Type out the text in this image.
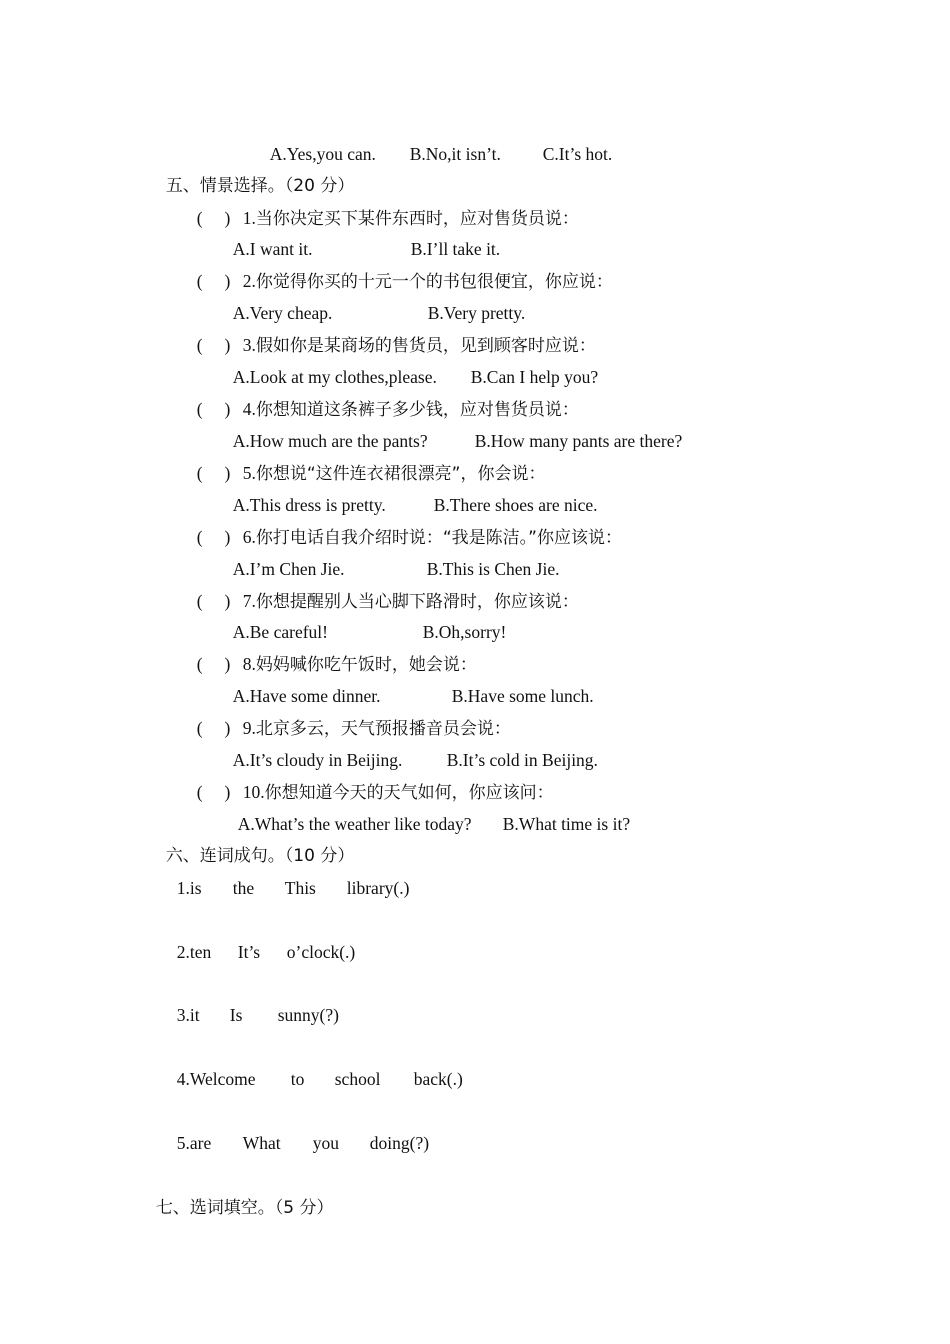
A.Yes,you can. B.No,it isn’t. C.It’s hot.

五、情景选择。（20 分）

(     ) 1.当你决定买下某件东西时，应对售货员说：

A.I want it.	B.I’ll take it.

(     ) 2.你觉得你买的十元一个的书包很便宜，你应说：

A.Very cheap.	B.Very pretty.

(     ) 3.假如你是某商场的售货员，见到顾客时应说：

A.Look at my clothes,please. B.Can I help you?

(     ) 4.你想知道这条裤子多少钱，应对售货员说：

A.How much are the pants?	B.How many pants are there?

(     ) 5.你想说“这件连衣裙很漂亮”，你会说：

A.This dress is pretty.	B.There shoes are nice.

(     ) 6.你打电话自我介绍时说：“我是陈洁。”你应该说：

A.I’m Chen Jie.	B.This is Chen Jie.

(     ) 7.你想提醒别人当心脚下路滑时，你应该说：

A.Be careful!	B.Oh,sorry!

(     ) 8.妈妈喊你吃午饭时，她会说：

A.Have some dinner.	B.Have some lunch.

(     ) 9.北京多云，天气预报播音员会说：

A.It’s cloudy in Beijing.	B.It’s cold in Beijing.

(     ) 10.你想知道今天的天气如何，你应该问：

A.What’s the weather like today? B.What time is it?

六、连词成句。（10 分）

1.is the This library(.)

2.ten It’s o’clock(.)

3.it Is sunny(?)

4.Welcome to school back(.)

5.are What you doing(?)

七、选词填空。（5 分）
